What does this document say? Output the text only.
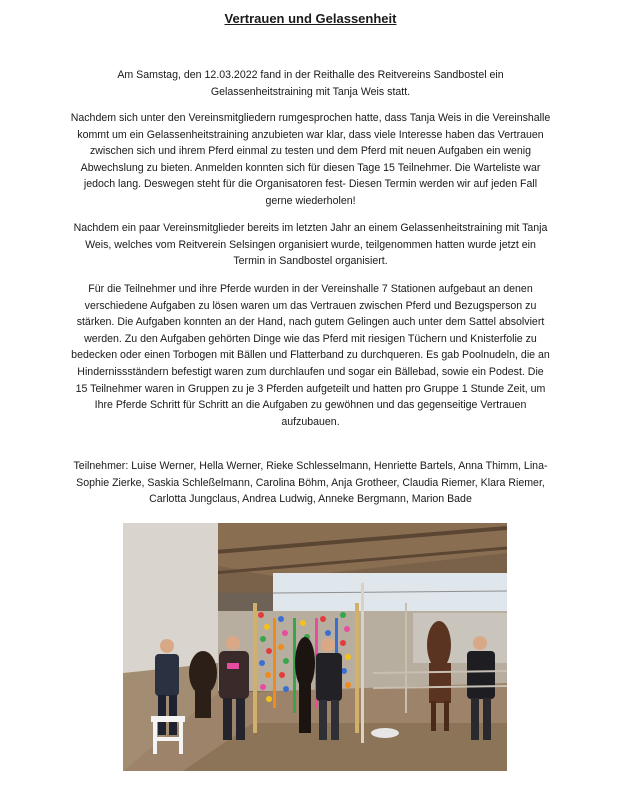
Vertrauen und Gelassenheit

Am Samstag, den 12.03.2022 fand in der Reithalle des Reitvereins Sandbostel ein Gelassenheitstraining mit Tanja Weis statt.

Nachdem sich unter den Vereinsmitgliedern rumgesprochen hatte, dass Tanja Weis in die Vereinshalle kommt um ein Gelassenheitstraining anzubieten war klar, dass viele Interesse haben das Vertrauen zwischen sich und ihrem Pferd einmal zu testen und dem Pferd mit neuen Aufgaben ein wenig Abwechslung zu bieten. Anmelden konnten sich für diesen Tage 15 Teilnehmer. Die Warteliste war jedoch lang. Deswegen steht für die Organisatoren fest- Diesen Termin werden wir auf jeden Fall gerne wiederholen!

Nachdem ein paar Vereinsmitglieder bereits im letzten Jahr an einem Gelassenheitstraining mit Tanja Weis, welches vom Reitverein Selsingen organisiert wurde, teilgenommen hatten wurde jetzt ein Termin in Sandbostel organisiert.

Für die Teilnehmer und ihre Pferde wurden in der Vereinshalle 7 Stationen aufgebaut an denen verschiedene Aufgaben zu lösen waren um das Vertrauen zwischen Pferd und Bezugsperson zu stärken. Die Aufgaben konnten an der Hand, nach gutem Gelingen auch unter dem Sattel absolviert werden. Zu den Aufgaben gehörten Dinge wie das Pferd mit riesigen Tüchern und Knisterfolie zu bedecken oder einen Torbogen mit Bällen und Flatterband zu durchqueren. Es gab Poolnudeln, die an Hindernissständern befestigt waren zum durchlaufen und sogar ein Bällebad, sowie ein Podest. Die 15 Teilnehmer waren in Gruppen zu je 3 Pferden aufgeteilt und hatten pro Gruppe 1 Stunde Zeit, um Ihre Pferde Schritt für Schritt an die Aufgaben zu gewöhnen und das gegenseitige Vertrauen aufzubauen.

Teilnehmer: Luise Werner, Hella Werner, Rieke Schlesselmann, Henriette Bartels, Anna Thimm, Lina-Sophie Zierke, Saskia Schleßelmann, Carolina Böhm, Anja Grotheer, Claudia Riemer, Klara Riemer, Carlotta Jungclaus, Andrea Ludwig, Anneke Bergmann, Marion Bade
